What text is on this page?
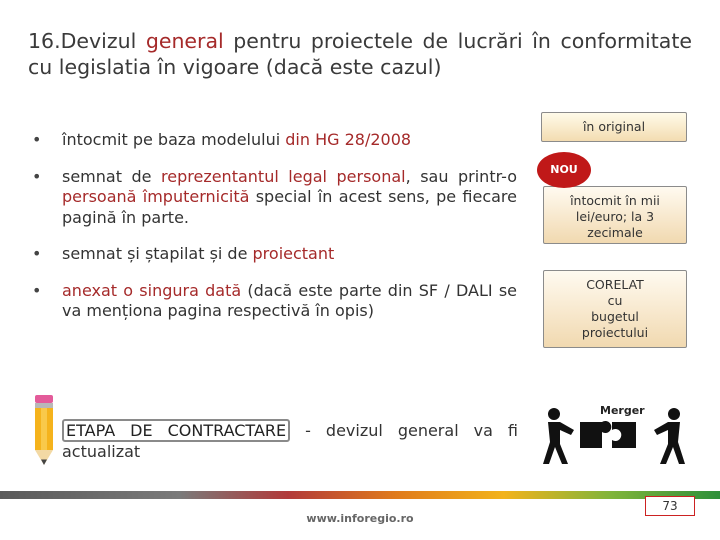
16.Devizul general pentru proiectele de lucrări în conformitate cu legislatia în vigoare (dacă este cazul)
• întocmit pe baza modelului din HG 28/2008
• semnat de reprezentantul legal personal, sau printr-o persoană împuternicită special în acest sens, pe fiecare pagină în parte.
• semnat și ștapilat și de proiectant
• anexat o singura dată (dacă este parte din SF / DALI se va menționa pagina respectivă în opis)
în original
întocmit în mii
lei/euro; la 3
zecimale
NOU
CORELAT
cu
bugetul
proiectului
ETAPA DE CONTRACTARE - devizul general va fi actualizat
Merger
73
www.inforegio.ro
